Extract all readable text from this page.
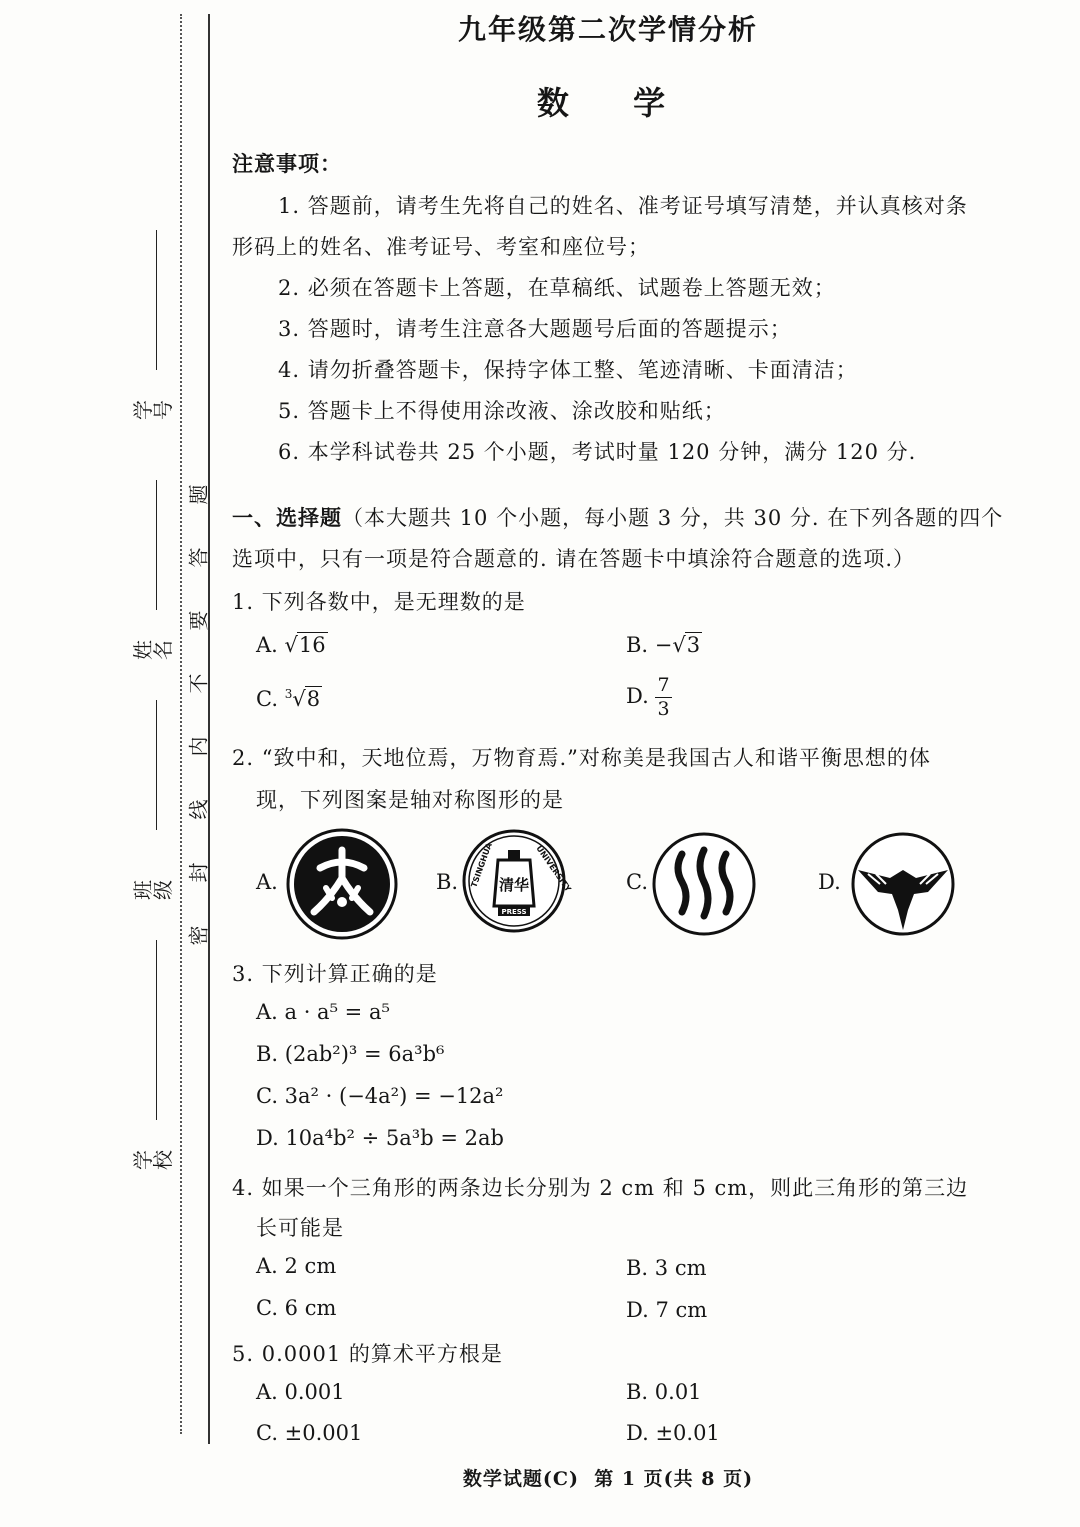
学 号
姓 名
班 级
学 校
题
答
要
不
内
线
封
密
九年级第二次学情分析
数  学
注意事项：
1. 答题前，请考生先将自己的姓名、准考证号填写清楚，并认真核对条
形码上的姓名、准考证号、考室和座位号；
2. 必须在答题卡上答题，在草稿纸、试题卷上答题无效；
3. 答题时，请考生注意各大题题号后面的答题提示；
4. 请勿折叠答题卡，保持字体工整、笔迹清晰、卡面清洁；
5. 答题卡上不得使用涂改液、涂改胶和贴纸；
6. 本学科试卷共 25 个小题，考试时量 120 分钟，满分 120 分.
一、选择题（本大题共 10 个小题，每小题 3 分，共 30 分. 在下列各题的四个
选项中，只有一项是符合题意的. 请在答题卡中填涂符合题意的选项.）
1. 下列各数中，是无理数的是
A. √16	B. −√3
C. $^3$√8	D. $\frac{7}{3}$
2. “致中和，天地位焉，万物育焉.”对称美是我国古人和谐平衡思想的体
现，下列图案是轴对称图形的是
A.	B.	清华
PRESS
TSINGHUA	UNIVERSITY	C.	D.
3. 下列计算正确的是
A. a · a⁵ = a⁵
B. (2ab²)³ = 6a³b⁶
C. 3a² · (−4a²) = −12a²
D. 10a⁴b² ÷ 5a³b = 2ab
4. 如果一个三角形的两条边长分别为 2 cm 和 5 cm，则此三角形的第三边
长可能是
A. 2 cm	B. 3 cm
C. 6 cm	D. 7 cm
5. 0.0001 的算术平方根是
A. 0.001	B. 0.01
C. ±0.001	D. ±0.01
数学试题(C)  第 1 页(共 8 页)
